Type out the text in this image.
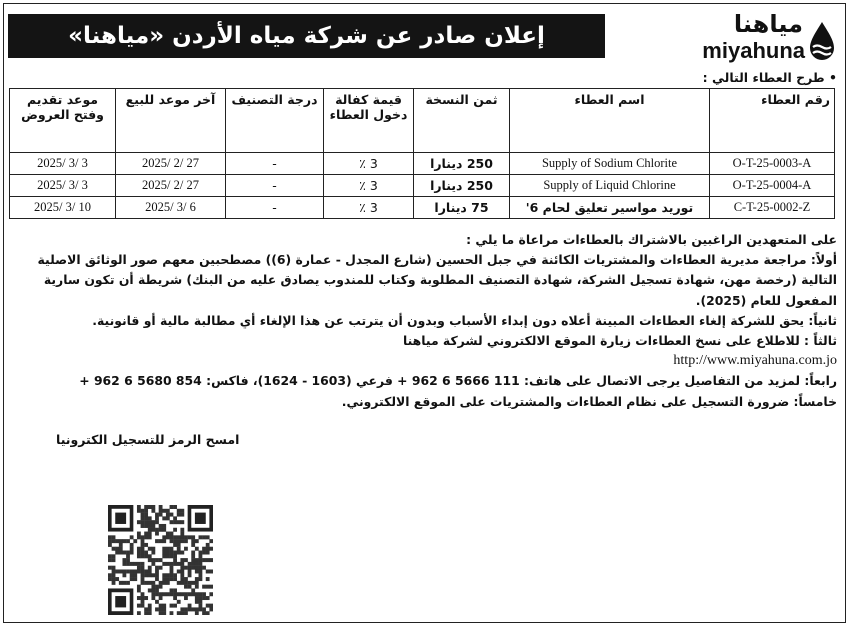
مياهنا
miyahuna
إعلان صادر عن شركة مياه الأردن «مياهنا»
• طرح العطاء التالي :
رقم العطاء	اسم العطاء	ثمن النسخة	قيمة كفالة دخول العطاء	درجة التصنيف	آخر موعد للبيع	موعد تقديم وفتح العروض
O-T-25-0003-A	Supply of Sodium Chlorite	250 دينارا	3 ٪	-	2025/ 2/ 27	2025/ 3/ 3
O-T-25-0004-A	Supply of Liquid Chlorine	250 دينارا	3 ٪	-	2025/ 2/ 27	2025/ 3/ 3
C-T-25-0002-Z	توريد مواسير تعليق لحام 6'	75 دينارا	3 ٪	-	2025/ 3/ 6	2025/ 3/ 10

على المتعهدين الراغبين بالاشتراك بالعطاءات مراعاة ما يلي :

أولاً: مراجعة مديرية العطاءات والمشتريات الكائنة في جبل الحسين (شارع المجدل - عمارة (6)) مصطحبين معهم صور الوثائق الاصلية التالية (رخصة مهن، شهادة تسجيل الشركة، شهادة التصنيف المطلوبة وكتاب للمندوب يصادق عليه من البنك) شريطة أن تكون سارية المفعول للعام (2025).

ثانياً: يحق للشركة إلغاء العطاءات المبينة أعلاه دون إبداء الأسباب وبدون أن يترتب عن هذا الإلغاء أي مطالبة مالية أو قانونية.

ثالثاً : للاطلاع على نسخ العطاءات زيارة الموقع الالكتروني لشركة مياهنا

http://www.miyahuna.com.jo

رابعاً: لمزيد من التفاصيل يرجى الاتصال على هاتف: 111 5666 6 962 + فرعي (1603 - 1624)، فاكس: 854 5680 6 962 +

خامساً: ضرورة التسجيل على نظام العطاءات والمشتريات على الموقع الالكتروني.

امسح الرمز للتسجيل الكترونيا
